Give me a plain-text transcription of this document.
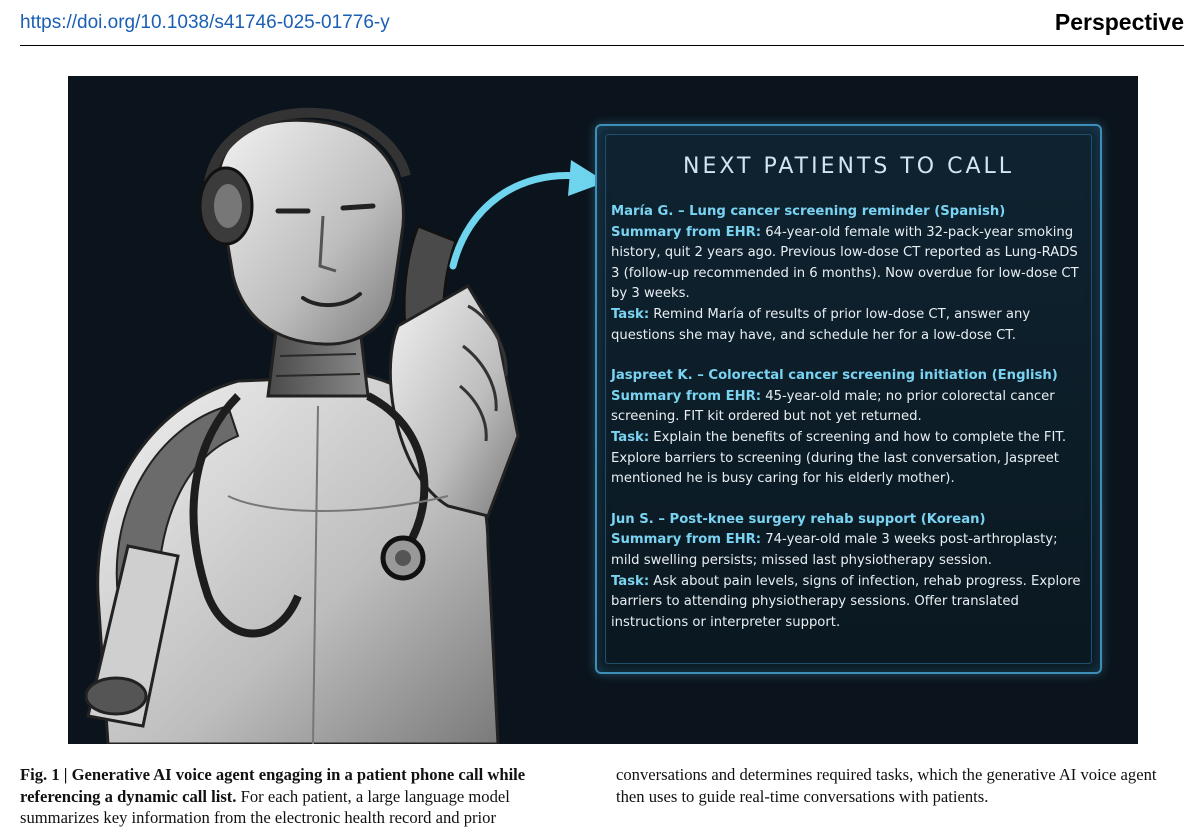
https://doi.org/10.1038/s41746-025-01776-y	Perspective
NEXT PATIENTS TO CALL
María G. – Lung cancer screening reminder (Spanish)
Summary from EHR: 64-year-old female with 32-pack-year smoking history, quit 2 years ago. Previous low-dose CT reported as Lung-RADS 3 (follow-up recommended in 6 months). Now overdue for low-dose CT by 3 weeks.
Task: Remind María of results of prior low-dose CT, answer any questions she may have, and schedule her for a low-dose CT.
Jaspreet K. – Colorectal cancer screening initiation (English)
Summary from EHR: 45-year-old male; no prior colorectal cancer screening. FIT kit ordered but not yet returned.
Task: Explain the benefits of screening and how to complete the FIT. Explore barriers to screening (during the last conversation, Jaspreet mentioned he is busy caring for his elderly mother).
Jun S. – Post-knee surgery rehab support (Korean)
Summary from EHR: 74-year-old male 3 weeks post-arthroplasty; mild swelling persists; missed last physiotherapy session.
Task: Ask about pain levels, signs of infection, rehab progress. Explore barriers to attending physiotherapy sessions. Offer translated instructions or interpreter support.
Fig. 1 | Generative AI voice agent engaging in a patient phone call while referencing a dynamic call list. For each patient, a large language model summarizes key information from the electronic health record and prior conversations and determines required tasks, which the generative AI voice agent then uses to guide real-time conversations with patients.
